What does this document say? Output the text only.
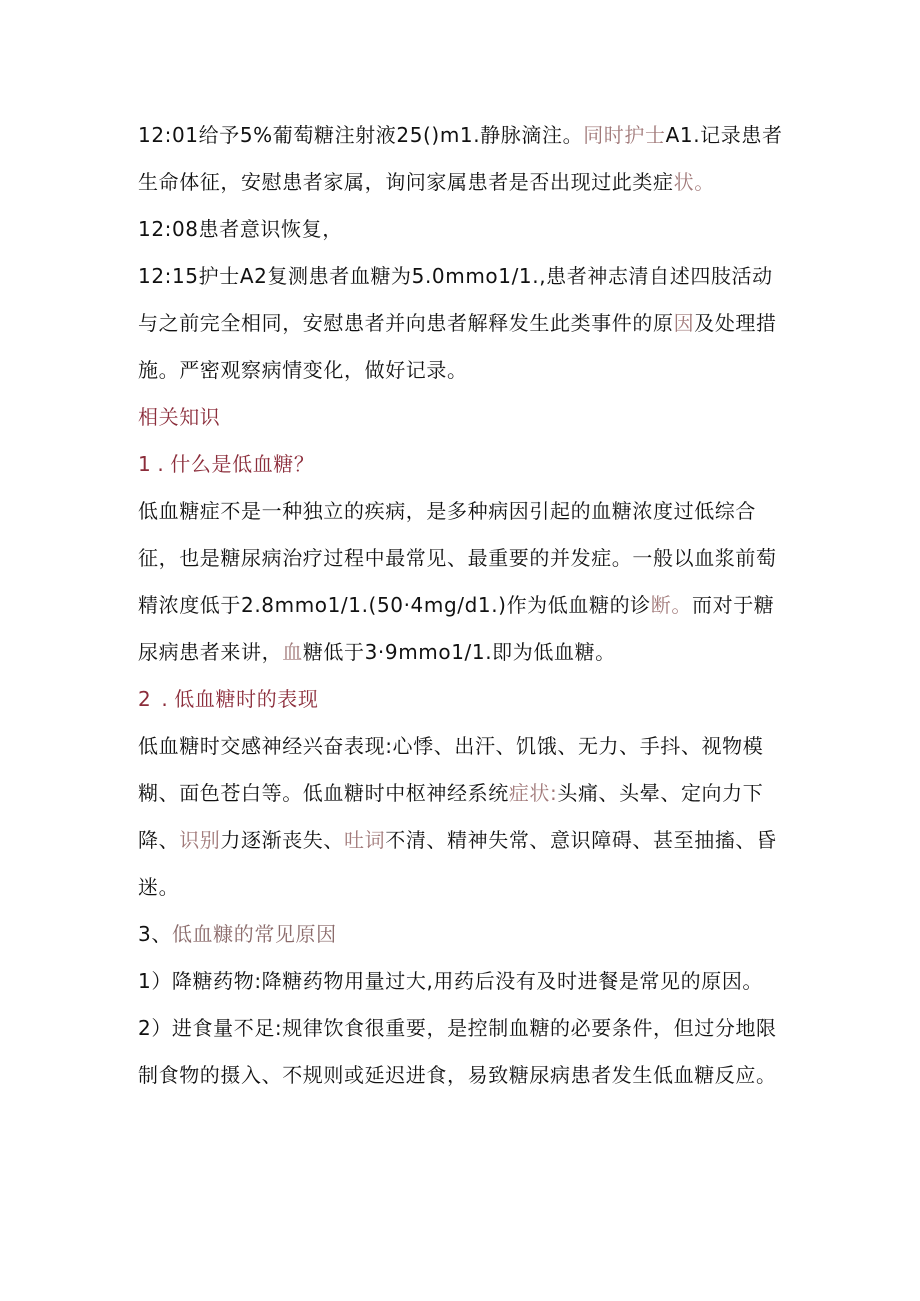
12:01给予5%葡萄糖注射液25()m1.静脉滴注。同时护士A1.记录患者生命体征，安慰患者家属，询问家属患者是否出现过此类症状。

12:08患者意识恢复，

12:15护士A2复测患者血糖为5.0mmo1/1.,患者神志清自述四肢活动与之前完全相同，安慰患者并向患者解释发生此类事件的原因及处理措施。严密观察病情变化，做好记录。

相关知识

1 . 什么是低血糖？

低血糖症不是一种独立的疾病，是多种病因引起的血糖浓度过低综合征，也是糖尿病治疗过程中最常见、最重要的并发症。一般以血浆前萄精浓度低于2.8mmo1/1.(50·4mg/d1.)作为低血糖的诊断。而对于糖尿病患者来讲，血糖低于3·9mmo1/1.即为低血糖。

2 . 低血糖时的表现

低血糖时交感神经兴奋表现:心悸、出汗、饥饿、无力、手抖、视物模糊、面色苍白等。低血糖时中枢神经系统症状:头痛、头晕、定向力下降、识别力逐渐丧失、吐词不清、精神失常、意识障碍、甚至抽搐、昏迷。

3、低血糠的常见原因

1）降糖药物:降糖药物用量过大,用药后没有及时进餐是常见的原因。

2）进食量不足:规律饮食很重要，是控制血糖的必要条件，但过分地限制食物的摄入、不规则或延迟进食，易致糖尿病患者发生低血糖反应。
